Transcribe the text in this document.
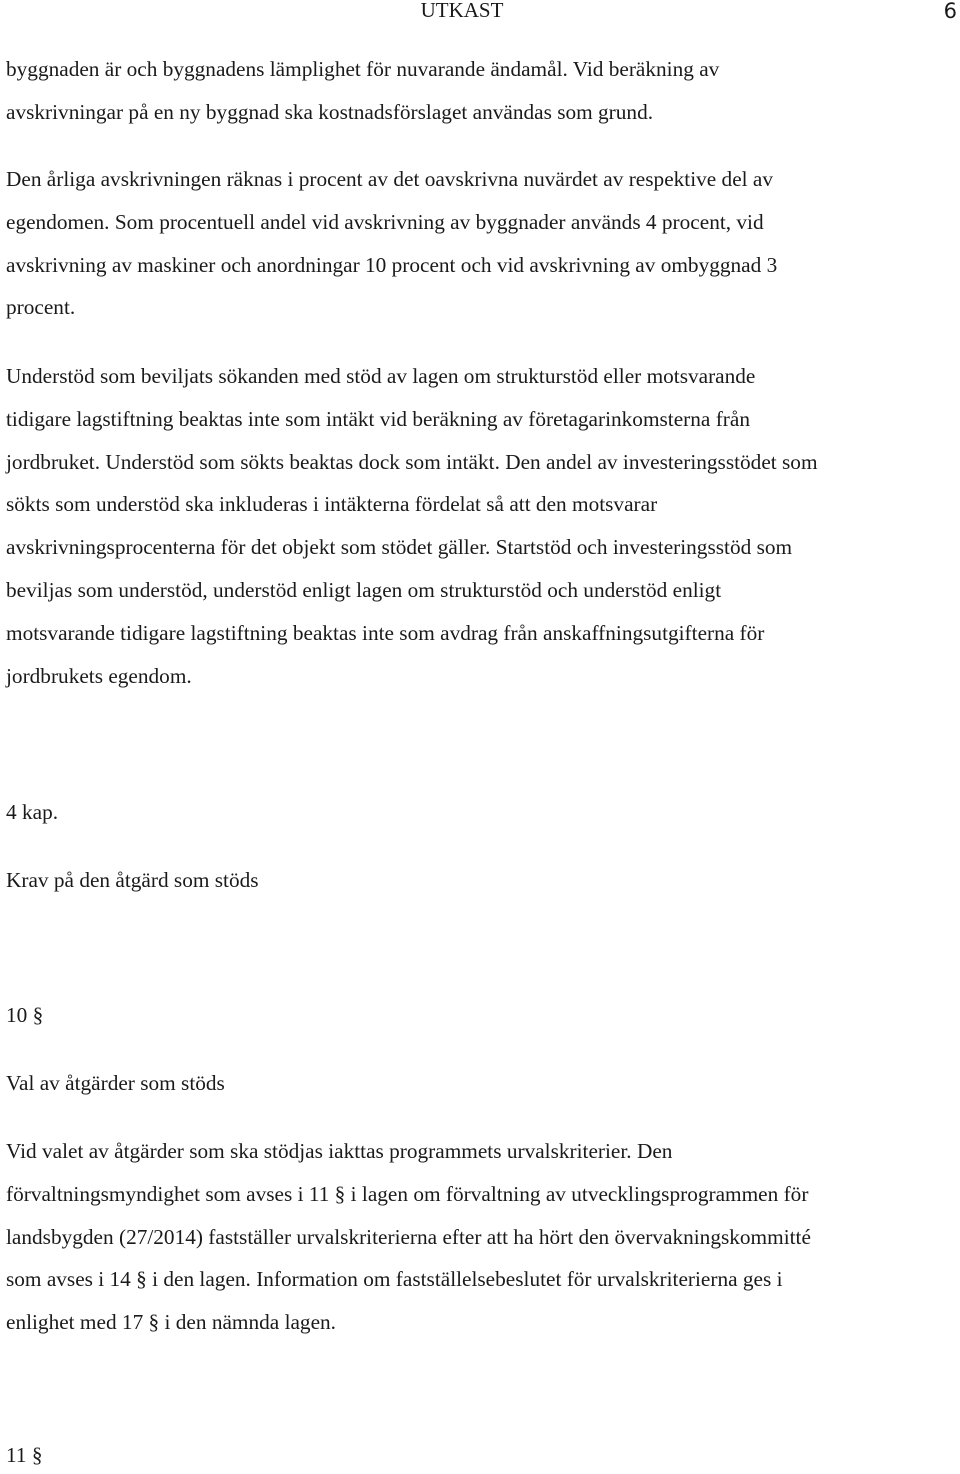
UTKAST	6
byggnaden är och byggnadens lämplighet för nuvarande ändamål. Vid beräkning av
avskrivningar på en ny byggnad ska kostnadsförslaget användas som grund.
Den årliga avskrivningen räknas i procent av det oavskrivna nuvärdet av respektive del av
egendomen. Som procentuell andel vid avskrivning av byggnader används 4 procent, vid
avskrivning av maskiner och anordningar 10 procent och vid avskrivning av ombyggnad 3
procent.
Understöd som beviljats sökanden med stöd av lagen om strukturstöd eller motsvarande
tidigare lagstiftning beaktas inte som intäkt vid beräkning av företagarinkomsterna från
jordbruket. Understöd som sökts beaktas dock som intäkt. Den andel av investeringsstödet som
sökts som understöd ska inkluderas i intäkterna fördelat så att den motsvarar
avskrivningsprocenterna för det objekt som stödet gäller. Startstöd och investeringsstöd som
beviljas som understöd, understöd enligt lagen om strukturstöd och understöd enligt
motsvarande tidigare lagstiftning beaktas inte som avdrag från anskaffningsutgifterna för
jordbrukets egendom.
4 kap.
Krav på den åtgärd som stöds
10 §
Val av åtgärder som stöds
Vid valet av åtgärder som ska stödjas iakttas programmets urvalskriterier. Den
förvaltningsmyndighet som avses i 11 § i lagen om förvaltning av utvecklingsprogrammen för
landsbygden (27/2014) fastställer urvalskriterierna efter att ha hört den övervakningskommitté
som avses i 14 § i den lagen. Information om fastställelsebeslutet för urvalskriterierna ges i
enlighet med 17 § i den nämnda lagen.
11 §
